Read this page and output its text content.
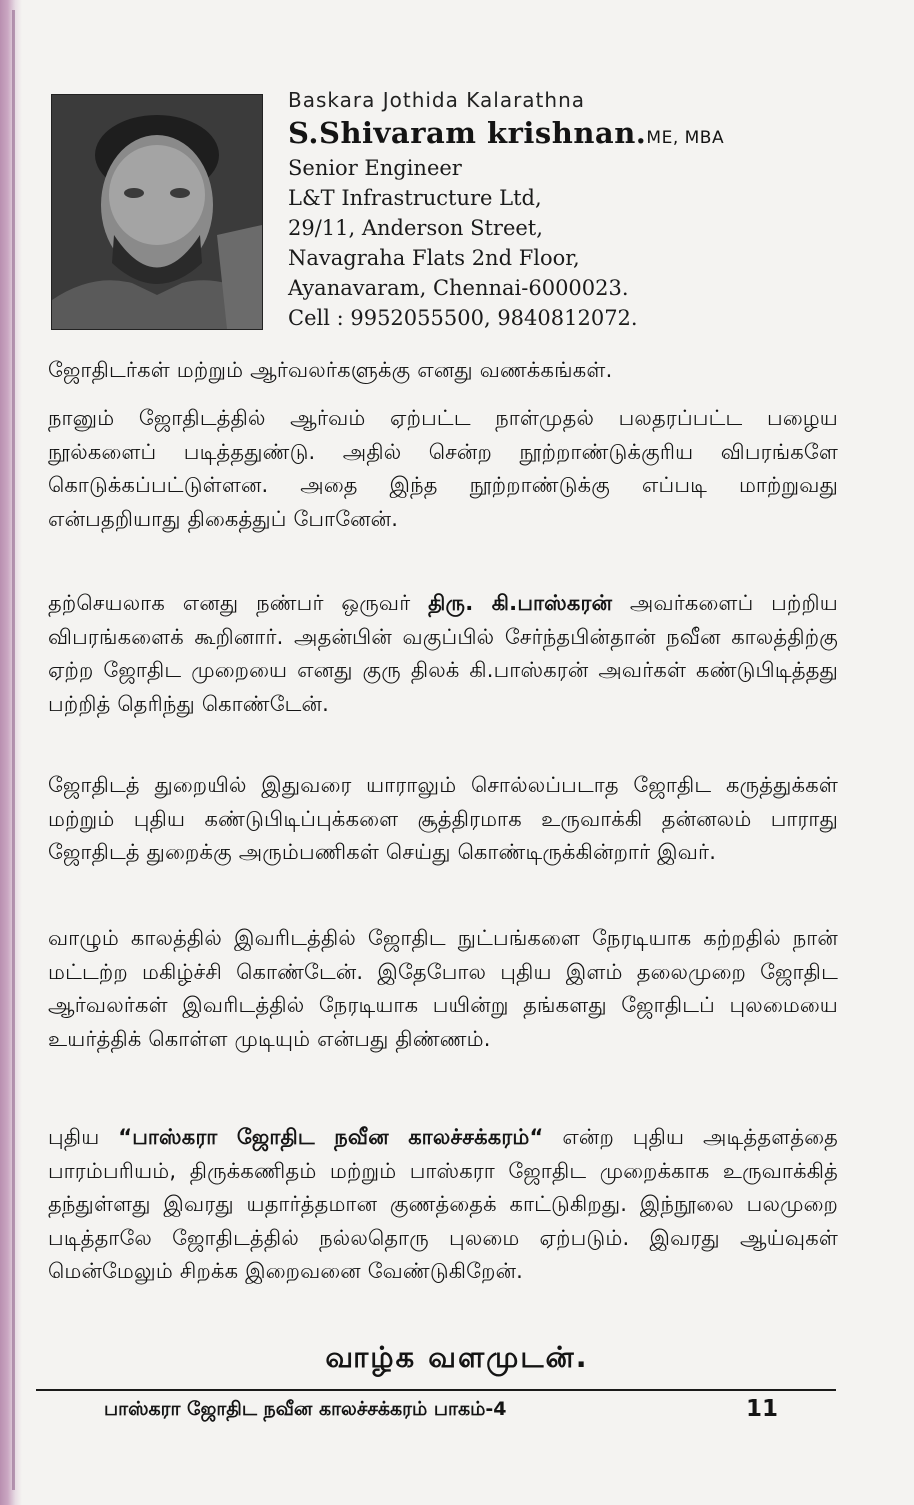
Baskara Jothida Kalarathna
S.Shivaram krishnan.ME, MBA
Senior Engineer
L&T Infrastructure Ltd,
29/11, Anderson Street,
Navagraha Flats 2nd Floor,
Ayanavaram, Chennai-6000023.
Cell : 9952055500, 9840812072.

ஜோதிடர்கள் மற்றும் ஆர்வலர்களுக்கு எனது வணக்கங்கள்.

நானும் ஜோதிடத்தில் ஆர்வம் ஏற்பட்ட நாள்முதல் பலதரப்பட்ட பழைய நூல்களைப் படித்ததுண்டு. அதில் சென்ற நூற்றாண்டுக்குரிய விபரங்களே கொடுக்கப்பட்டுள்ளன. அதை இந்த நூற்றாண்டுக்கு எப்படி மாற்றுவது என்பதறியாது திகைத்துப் போனேன்.

தற்செயலாக எனது நண்பர் ஒருவர் திரு. கி.பாஸ்கரன் அவர்களைப் பற்றிய விபரங்களைக் கூறினார். அதன்பின் வகுப்பில் சேர்ந்தபின்தான் நவீன காலத்திற்கு ஏற்ற ஜோதிட முறையை எனது குரு திலக் கி.பாஸ்கரன் அவர்கள் கண்டுபிடித்தது பற்றித் தெரிந்து கொண்டேன்.

ஜோதிடத் துறையில் இதுவரை யாராலும் சொல்லப்படாத ஜோதிட கருத்துக்கள் மற்றும் புதிய கண்டுபிடிப்புக்களை சூத்திரமாக உருவாக்கி தன்னலம் பாராது ஜோதிடத் துறைக்கு அரும்பணிகள் செய்து கொண்டிருக்கின்றார் இவர்.

வாழும் காலத்தில் இவரிடத்தில் ஜோதிட நுட்பங்களை நேரடியாக கற்றதில் நான் மட்டற்ற மகிழ்ச்சி கொண்டேன். இதேபோல புதிய இளம் தலைமுறை ஜோதிட ஆர்வலர்கள் இவரிடத்தில் நேரடியாக பயின்று தங்களது ஜோதிடப் புலமையை உயர்த்திக் கொள்ள முடியும் என்பது திண்ணம்.

புதிய “பாஸ்கரா ஜோதிட நவீன காலச்சக்கரம்“ என்ற புதிய அடித்தளத்தை பாரம்பரியம், திருக்கணிதம் மற்றும் பாஸ்கரா ஜோதிட முறைக்காக உருவாக்கித் தந்துள்ளது இவரது யதார்த்தமான குணத்தைக் காட்டுகிறது. இந்நூலை பலமுறை படித்தாலே ஜோதிடத்தில் நல்லதொரு புலமை ஏற்படும். இவரது ஆய்வுகள் மென்மேலும் சிறக்க இறைவனை வேண்டுகிறேன்.

வாழ்க வளமுடன்.
பாஸ்கரா ஜோதிட நவீன காலச்சக்கரம் பாகம்-4	11
